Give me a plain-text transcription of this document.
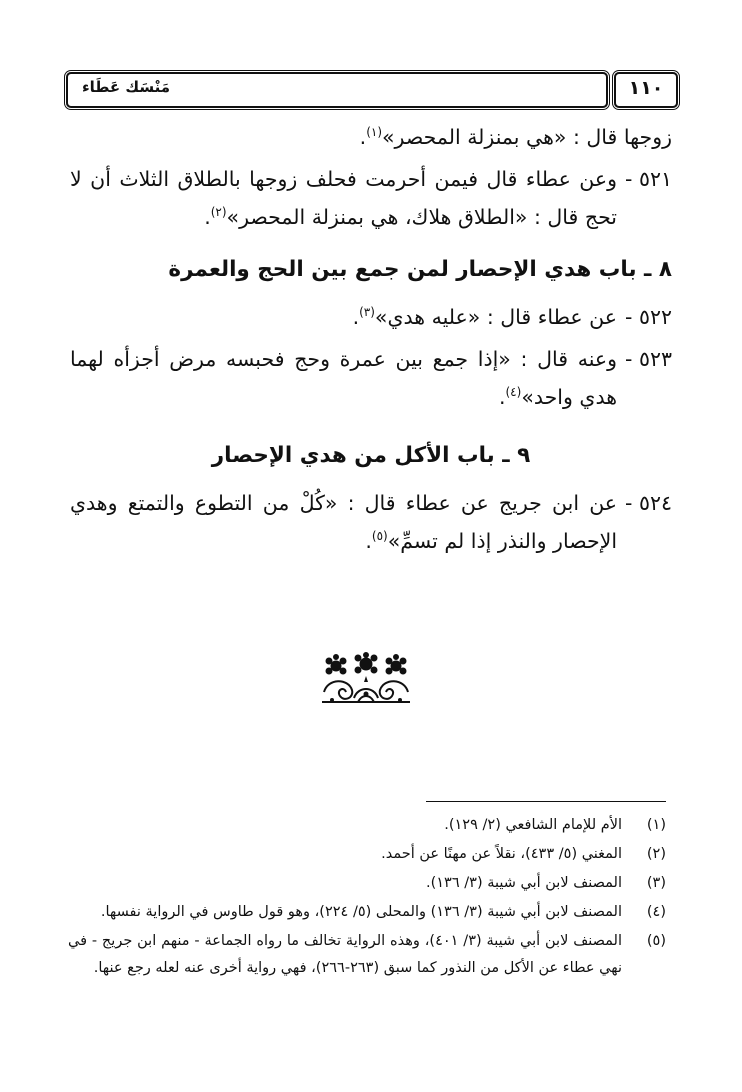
مَنْسَك عَطَاء	١١٠
زوجها قال : «هي بمنزلة المحصر»$^{(١)}$.
٥٢١ -
وعن عطاء قال فيمن أحرمت فحلف زوجها بالطلاق الثلاث أن لا تحج قال : «الطلاق هلاك، هي بمنزلة المحصر»$^{(٢)}$.
٨ ـ باب هدي الإحصار لمن جمع بين الحج والعمرة
٥٢٢ -
عن عطاء قال : «عليه هدي»$^{(٣)}$.
٥٢٣ -
وعنه قال : «إذا جمع بين عمرة وحج فحبسه مرض أجزأه لهما هدي واحد»$^{(٤)}$.
٩ ـ باب الأكل من هدي الإحصار
٥٢٤ -
عن ابن جريج عن عطاء قال : «كُلْ من التطوع والتمتع وهدي الإحصار والنذر إذا لم تسمِّ»$^{(٥)}$.
(١)
الأم للإمام الشافعي (٢/ ١٢٩).
(٢)
المغني (٥/ ٤٣٣)، نقلاً عن مهنًا عن أحمد.
(٣)
المصنف لابن أبي شيبة (٣/ ١٣٦).
(٤)
المصنف لابن أبي شيبة (٣/ ١٣٦) والمحلى (٥/ ٢٢٤)، وهو قول طاوس في الرواية نفسها.
(٥)
المصنف لابن أبي شيبة (٣/ ٤٠١)، وهذه الرواية تخالف ما رواه الجماعة - منهم ابن جريج - في نهي عطاء عن الأكل من النذور كما سبق (٢٦٣-٢٦٦)، فهي رواية أخرى عنه لعله رجع عنها.
